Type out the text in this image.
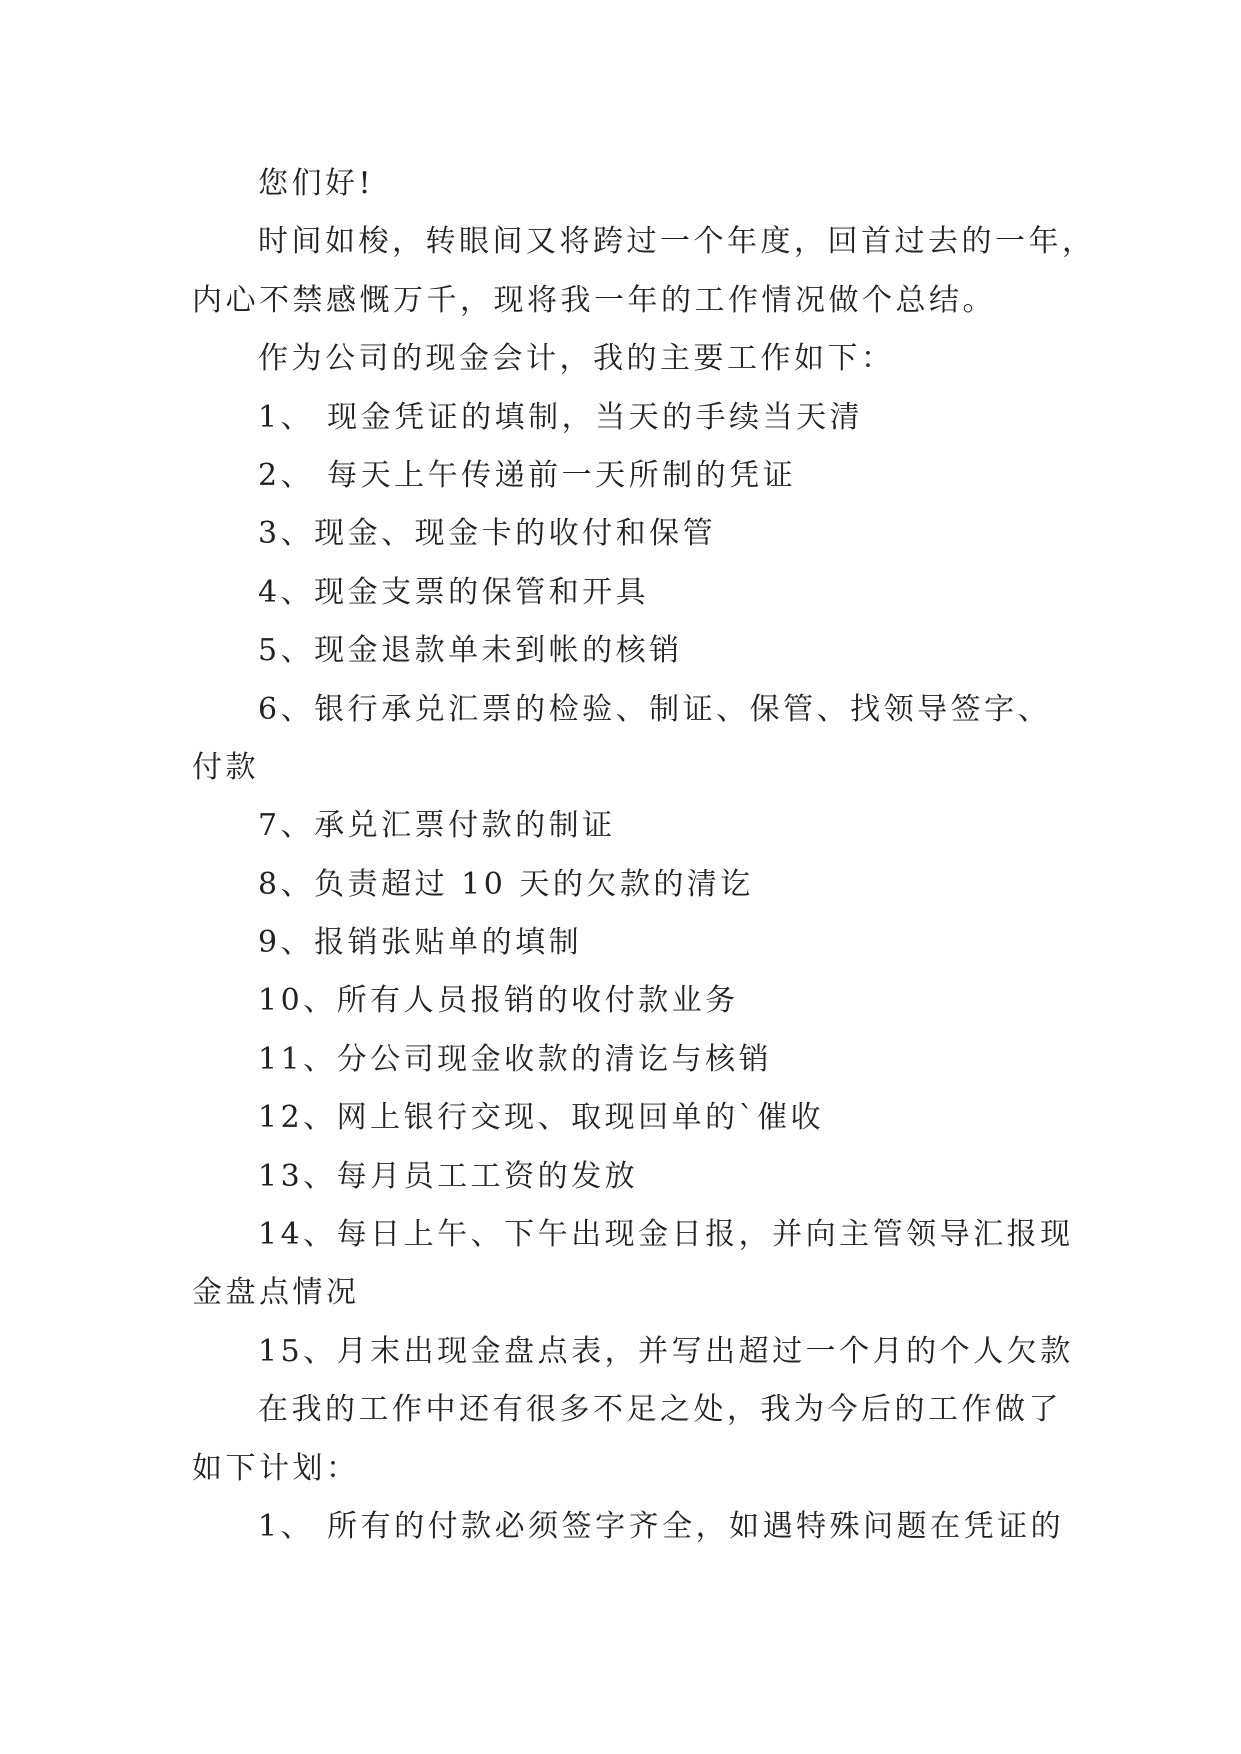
您们好!
时间如梭，转眼间又将跨过一个年度，回首过去的一年，
内心不禁感慨万千，现将我一年的工作情况做个总结。
作为公司的现金会计，我的主要工作如下：
1、 现金凭证的填制，当天的手续当天清
2、 每天上午传递前一天所制的凭证
3、现金、现金卡的收付和保管
4、现金支票的保管和开具
5、现金退款单未到帐的核销
6、银行承兑汇票的检验、制证、保管、找领导签字、
付款
7、承兑汇票付款的制证
8、负责超过 10 天的欠款的清讫
9、报销张贴单的填制
10、所有人员报销的收付款业务
11、分公司现金收款的清讫与核销
12、网上银行交现、取现回单的`催收
13、每月员工工资的发放
14、每日上午、下午出现金日报，并向主管领导汇报现
金盘点情况
15、月末出现金盘点表，并写出超过一个月的个人欠款
在我的工作中还有很多不足之处，我为今后的工作做了
如下计划：
1、 所有的付款必须签字齐全，如遇特殊问题在凭证的
